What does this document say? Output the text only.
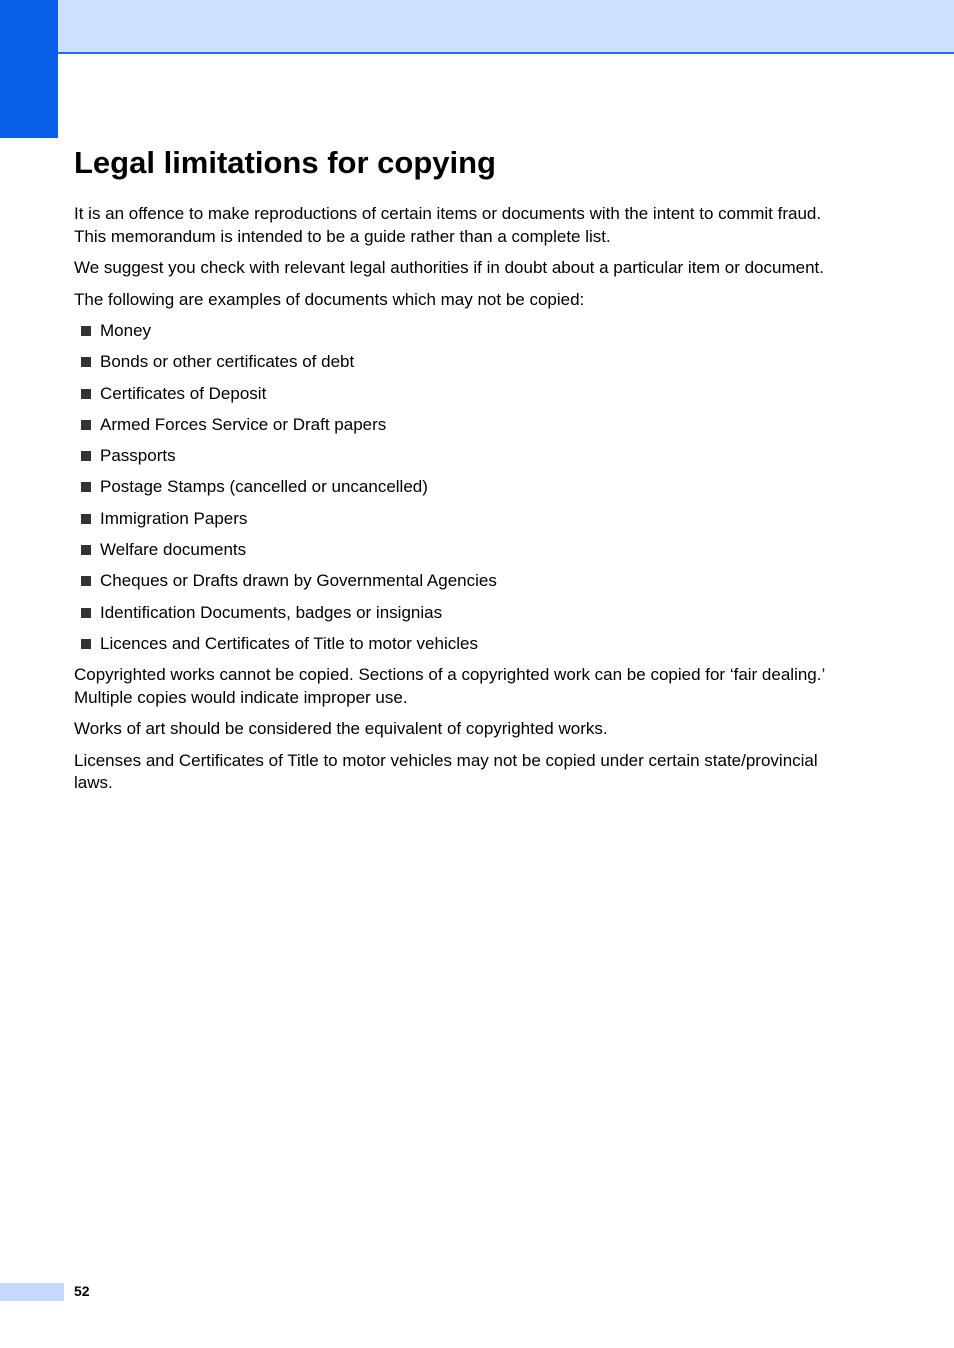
Legal limitations for copying

It is an offence to make reproductions of certain items or documents with the intent to commit fraud. This memorandum is intended to be a guide rather than a complete list.

We suggest you check with relevant legal authorities if in doubt about a particular item or document.

The following are examples of documents which may not be copied:

Money
Bonds or other certificates of debt
Certificates of Deposit
Armed Forces Service or Draft papers
Passports
Postage Stamps (cancelled or uncancelled)
Immigration Papers
Welfare documents
Cheques or Drafts drawn by Governmental Agencies
Identification Documents, badges or insignias
Licences and Certificates of Title to motor vehicles

Copyrighted works cannot be copied. Sections of a copyrighted work can be copied for ‘fair dealing.’ Multiple copies would indicate improper use.

Works of art should be considered the equivalent of copyrighted works.

Licenses and Certificates of Title to motor vehicles may not be copied under certain state/provincial laws.

52
